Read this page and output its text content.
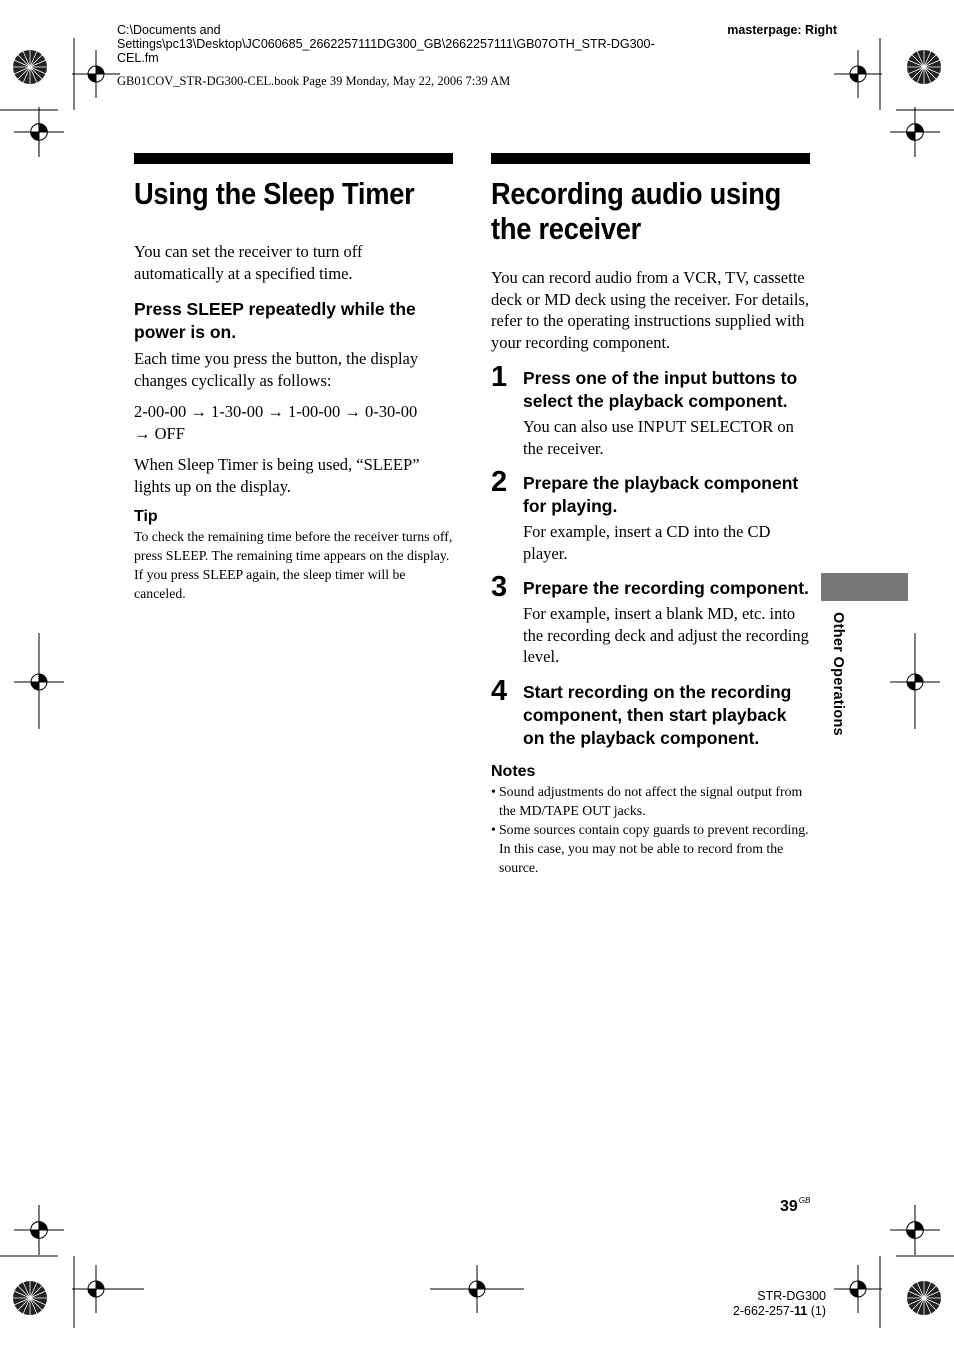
C:\Documents and
Settings\pc13\Desktop\JC060685_2662257111DG300_GB\2662257111\GB07OTH_STR-DG300-
CEL.fm
masterpage: Right
GB01COV_STR-DG300-CEL.book Page 39 Monday, May 22, 2006 7:39 AM
Using the Sleep Timer

You can set the receiver to turn off automatically at a specified time.

Press SLEEP repeatedly while the power is on.

Each time you press the button, the display changes cyclically as follows:

2-00-00 → 1-30-00 → 1-00-00 → 0-30-00
→ OFF

When Sleep Timer is being used, “SLEEP” lights up on the display.

Tip

To check the remaining time before the receiver turns off, press SLEEP. The remaining time appears on the display. If you press SLEEP again, the sleep timer will be canceled.

Recording audio using
the receiver

You can record audio from a VCR, TV, cassette deck or MD deck using the receiver. For details, refer to the operating instructions supplied with your recording component.

1 Press one of the input buttons to select the playback component.

You can also use INPUT SELECTOR on the receiver.

2 Prepare the playback component for playing.

For example, insert a CD into the CD player.

3 Prepare the recording component.

For example, insert a blank MD, etc. into the recording deck and adjust the recording level.

4 Start recording on the recording component, then start playback on the playback component.

Notes

• Sound adjustments do not affect the signal output from the MD/TAPE OUT jacks.
• Some sources contain copy guards to prevent recording. In this case, you may not be able to record from the source.
Other Operations
$39^{GB}$
STR-DG300
2-662-257-11 (1)
